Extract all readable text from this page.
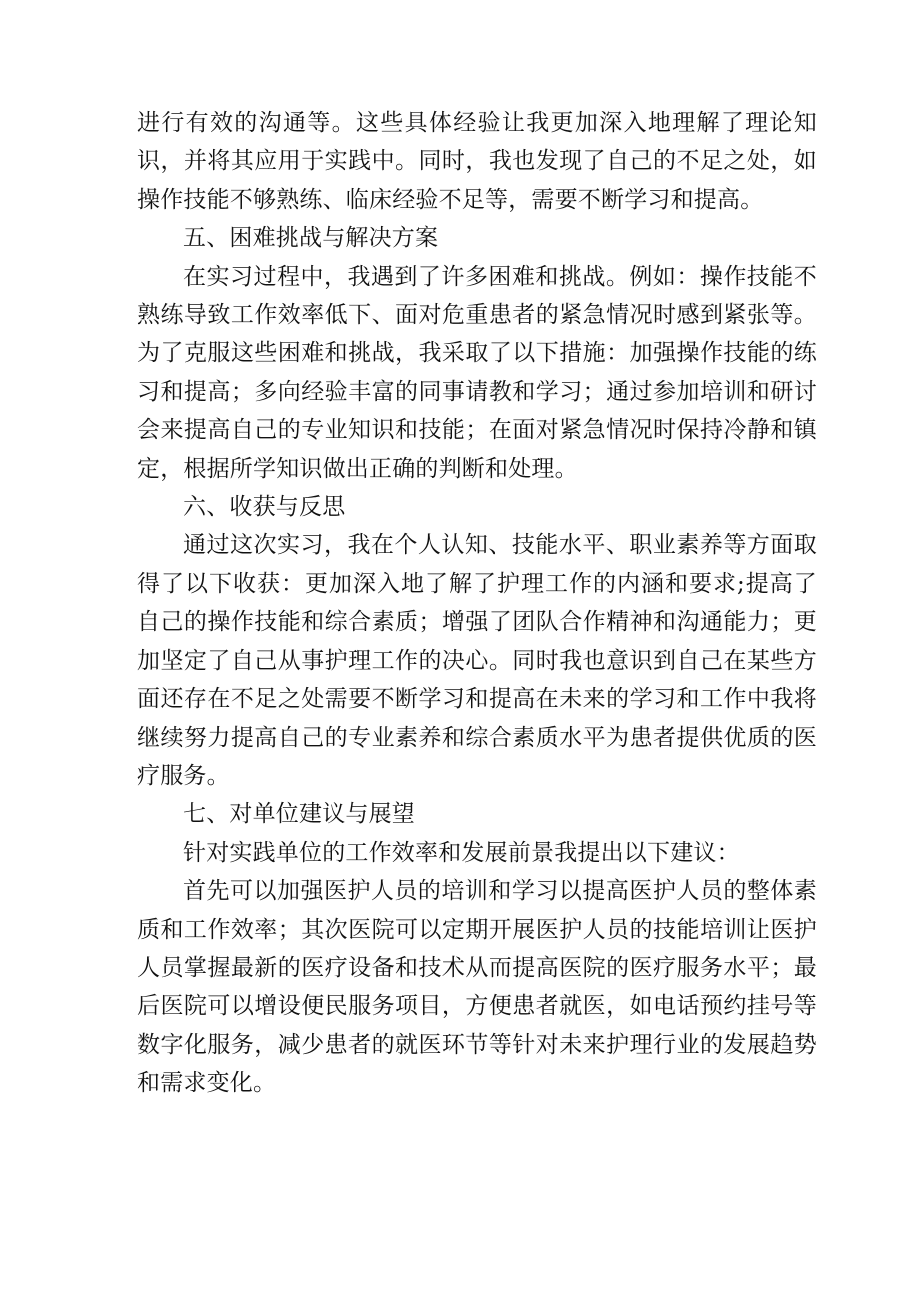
进行有效的沟通等。这些具体经验让我更加深入地理解了理论知识，并将其应用于实践中。同时，我也发现了自己的不足之处，如操作技能不够熟练、临床经验不足等，需要不断学习和提高。

五、困难挑战与解决方案

在实习过程中，我遇到了许多困难和挑战。例如：操作技能不熟练导致工作效率低下、面对危重患者的紧急情况时感到紧张等。为了克服这些困难和挑战，我采取了以下措施：加强操作技能的练习和提高；多向经验丰富的同事请教和学习；通过参加培训和研讨会来提高自己的专业知识和技能；在面对紧急情况时保持冷静和镇定，根据所学知识做出正确的判断和处理。

六、收获与反思

通过这次实习，我在个人认知、技能水平、职业素养等方面取得了以下收获：更加深入地了解了护理工作的内涵和要求;提高了自己的操作技能和综合素质；增强了团队合作精神和沟通能力；更加坚定了自己从事护理工作的决心。同时我也意识到自己在某些方面还存在不足之处需要不断学习和提高在未来的学习和工作中我将继续努力提高自己的专业素养和综合素质水平为患者提供优质的医疗服务。

七、对单位建议与展望

针对实践单位的工作效率和发展前景我提出以下建议：

首先可以加强医护人员的培训和学习以提高医护人员的整体素质和工作效率；其次医院可以定期开展医护人员的技能培训让医护人员掌握最新的医疗设备和技术从而提高医院的医疗服务水平；最后医院可以增设便民服务项目，方便患者就医，如电话预约挂号等数字化服务，减少患者的就医环节等针对未来护理行业的发展趋势和需求变化。
